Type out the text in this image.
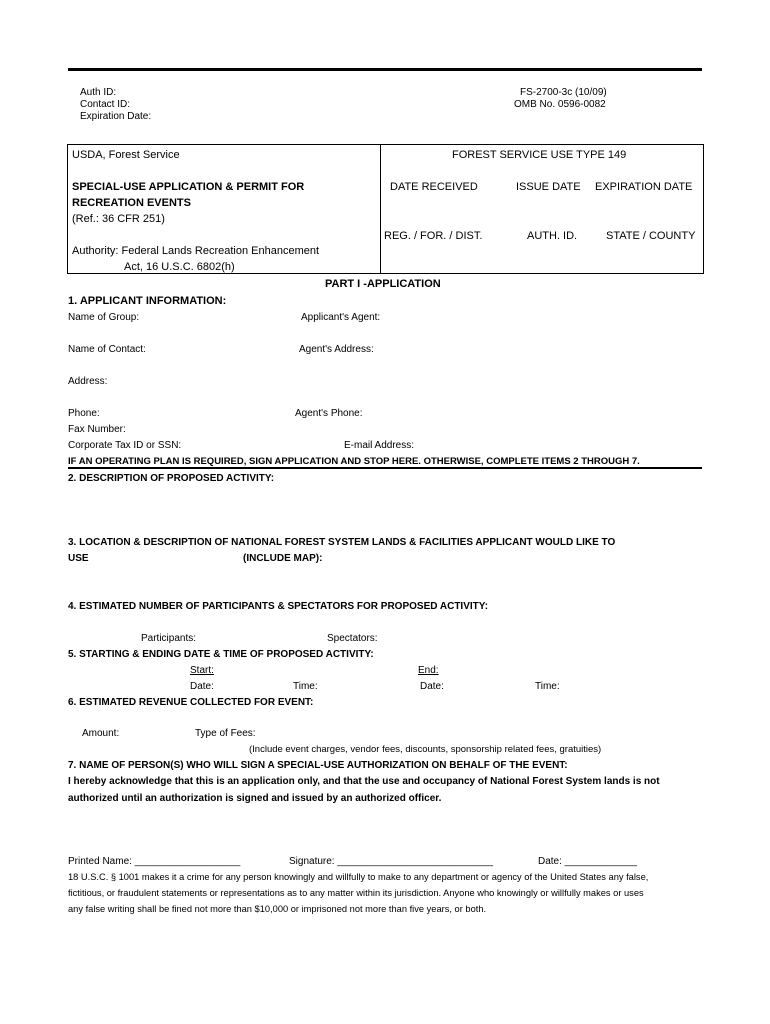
Auth ID:
Contact ID:
Expiration Date:
FS-2700-3c (10/09)
OMB No. 0596-0082
USDA, Forest Service
SPECIAL-USE APPLICATION & PERMIT FOR
RECREATION EVENTS
(Ref.: 36 CFR 251)
Authority: Federal Lands Recreation Enhancement
Act, 16 U.S.C. 6802(h)
FOREST SERVICE USE TYPE 149
DATE RECEIVED	ISSUE DATE EXPIRATION DATE
REG. / FOR. / DIST.	AUTH. ID.	STATE / COUNTY
PART I -APPLICATION
1. APPLICANT INFORMATION:
Name of Group:	Applicant's Agent:
Name of Contact:	Agent's Address:
Address:
Phone:	Agent's Phone:
Fax Number:
Corporate Tax ID or SSN:	E-mail Address:
IF AN OPERATING PLAN IS REQUIRED, SIGN APPLICATION AND STOP HERE. OTHERWISE, COMPLETE ITEMS 2 THROUGH 7.
2. DESCRIPTION OF PROPOSED ACTIVITY:
3. LOCATION & DESCRIPTION OF NATIONAL FOREST SYSTEM LANDS & FACILITIES APPLICANT WOULD LIKE TO
USE	(INCLUDE MAP):
4. ESTIMATED NUMBER OF PARTICIPANTS & SPECTATORS FOR PROPOSED ACTIVITY:
Participants:	Spectators:
5. STARTING & ENDING DATE & TIME OF PROPOSED ACTIVITY:
Start:	End:
Date:	Time:	Date:	Time:
6. ESTIMATED REVENUE COLLECTED FOR EVENT:
Amount:	Type of Fees:
(Include event charges, vendor fees, discounts, sponsorship related fees, gratuities)
7. NAME OF PERSON(S) WHO WILL SIGN A SPECIAL-USE AUTHORIZATION ON BEHALF OF THE EVENT:
I hereby acknowledge that this is an application only, and that the use and occupancy of National Forest System lands is not
authorized until an authorization is signed and issued by an authorized officer.
Printed Name: ___________________	Signature: ____________________________	Date: _____________
18 U.S.C. § 1001 makes it a crime for any person knowingly and willfully to make to any department or agency of the United States any false,
fictitious, or fraudulent statements or representations as to any matter within its jurisdiction. Anyone who knowingly or willfully makes or uses
any false writing shall be fined not more than $10,000 or imprisoned not more than five years, or both.
